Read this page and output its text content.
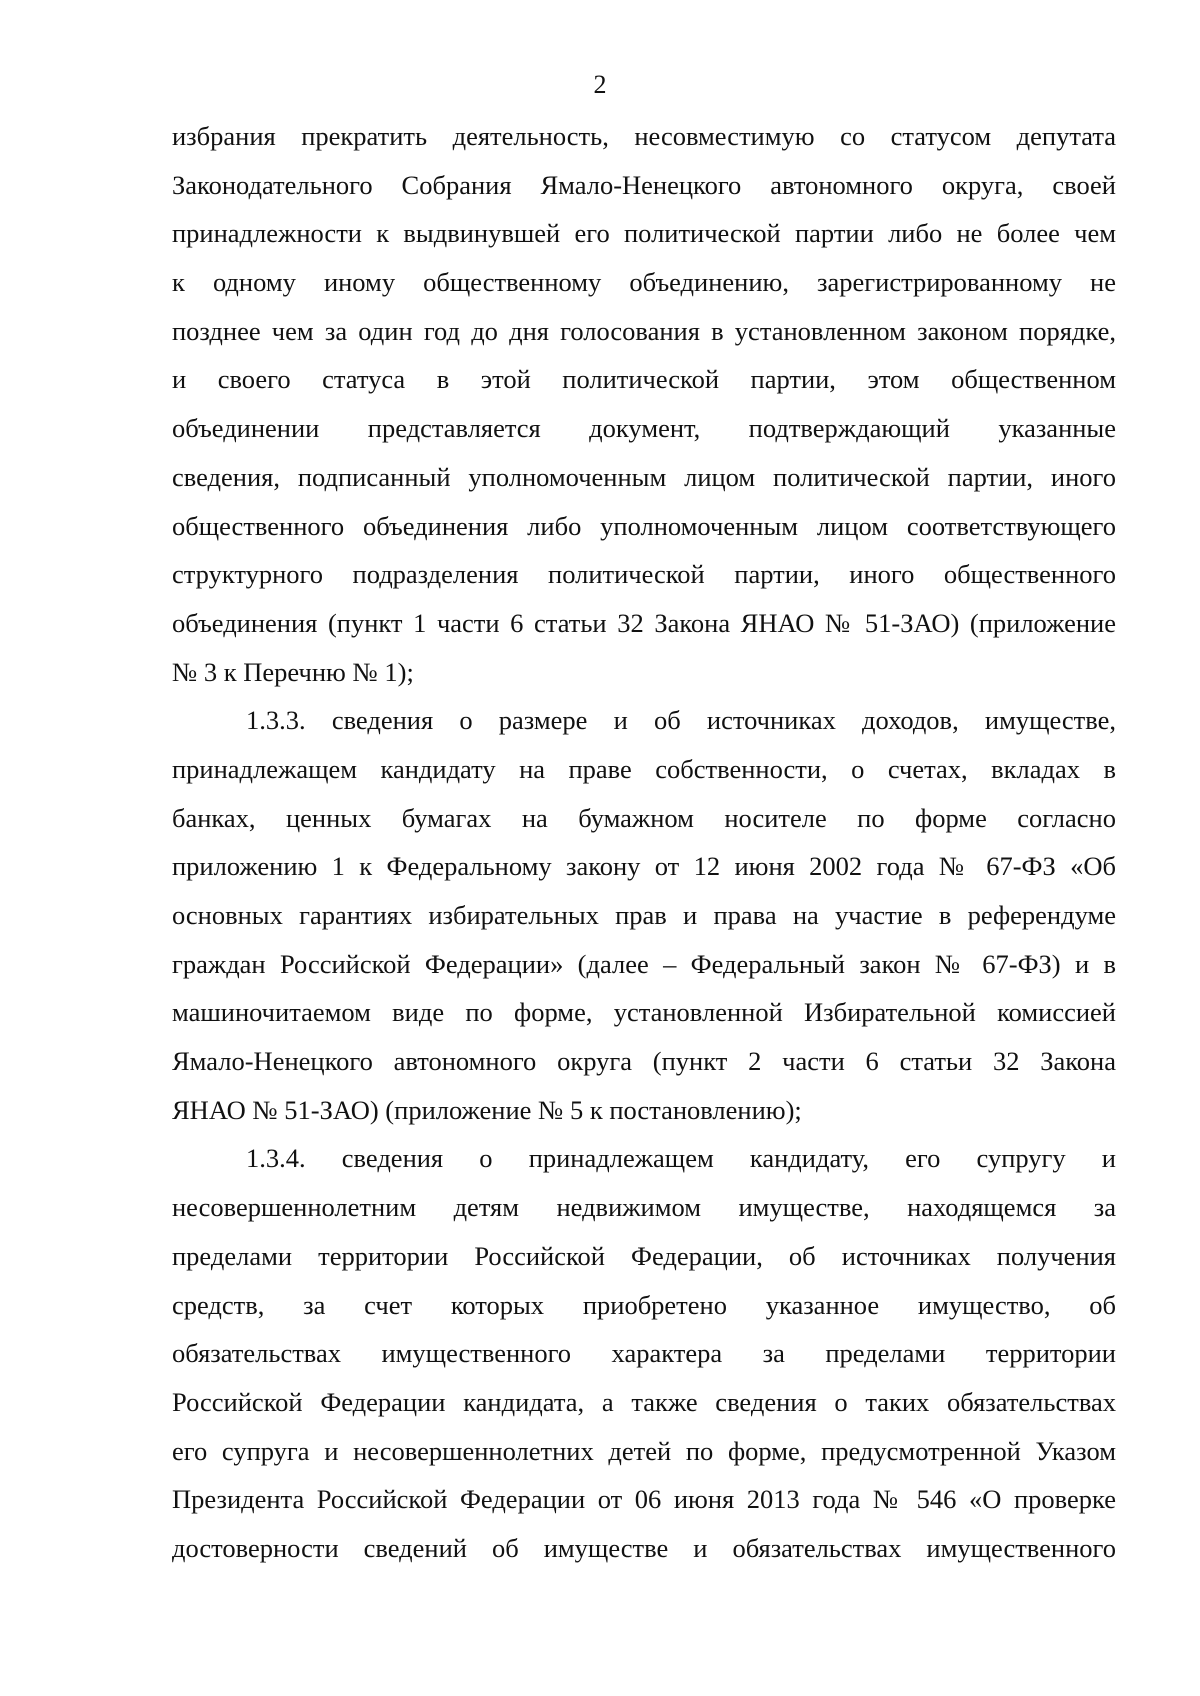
2
избрания прекратить деятельность, несовместимую со статусом депутата
Законодательного Собрания Ямало-Ненецкого автономного округа, своей
принадлежности к выдвинувшей его политической партии либо не более чем
к одному иному общественному объединению, зарегистрированному не
позднее чем за один год до дня голосования в установленном законом порядке,
и своего статуса в этой политической партии, этом общественном
объединении представляется документ, подтверждающий указанные
сведения, подписанный уполномоченным лицом политической партии, иного
общественного объединения либо уполномоченным лицом соответствующего
структурного подразделения политической партии, иного общественного
объединения (пункт 1 части 6 статьи 32 Закона ЯНАО № 51-ЗАО) (приложение
№ 3 к Перечню № 1);
1.3.3. сведения о размере и об источниках доходов, имуществе,
принадлежащем кандидату на праве собственности, о счетах, вкладах в
банках, ценных бумагах на бумажном носителе по форме согласно
приложению 1 к Федеральному закону от 12 июня 2002 года № 67-ФЗ «Об
основных гарантиях избирательных прав и права на участие в референдуме
граждан Российской Федерации» (далее – Федеральный закон № 67-ФЗ) и в
машиночитаемом виде по форме, установленной Избирательной комиссией
Ямало-Ненецкого автономного округа (пункт 2 части 6 статьи 32 Закона
ЯНАО № 51-ЗАО) (приложение № 5 к постановлению);
1.3.4. сведения о принадлежащем кандидату, его супругу и
несовершеннолетним детям недвижимом имуществе, находящемся за
пределами территории Российской Федерации, об источниках получения
средств, за счет которых приобретено указанное имущество, об
обязательствах имущественного характера за пределами территории
Российской Федерации кандидата, а также сведения о таких обязательствах
его супруга и несовершеннолетних детей по форме, предусмотренной Указом
Президента Российской Федерации от 06 июня 2013 года № 546 «О проверке
достоверности сведений об имуществе и обязательствах имущественного
